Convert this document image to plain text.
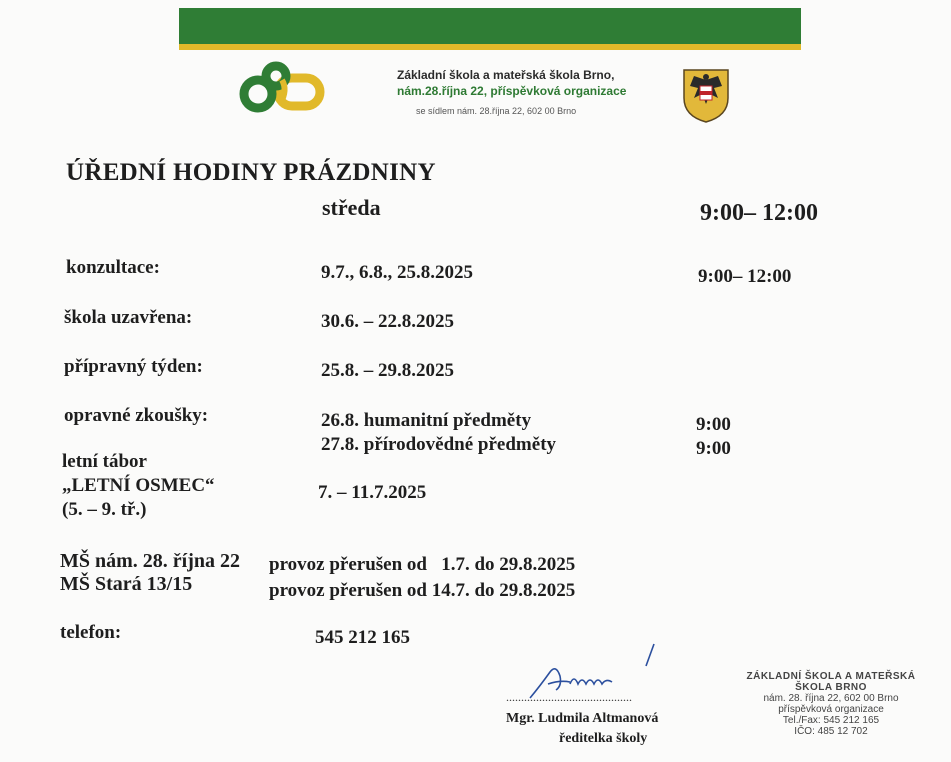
Základní škola a mateřská škola Brno,
nám.28.října 22, příspěvková organizace
se sídlem nám. 28.října 22, 602 00 Brno
ÚŘEDNÍ HODINY PRÁZDNINY
středa	9:00– 12:00
konzultace:	9.7., 6.8., 25.8.2025	9:00– 12:00
škola uzavřena:	30.6. – 22.8.2025
přípravný týden:	25.8. – 29.8.2025
opravné zkoušky:	26.8. humanitní předměty	9:00
27.8. přírodovědné předměty	9:00
letní tábor
„LETNÍ OSMEC“
(5. – 9. tř.)
7. – 11.7.2025
MŠ nám. 28. října 22 provoz přerušen od   1.7. do 29.8.2025
MŠ Stará 13/15	provoz přerušen od 14.7. do 29.8.2025
telefon:	545 212 165
..........................................
Mgr. Ludmila Altmanová
ředitelka školy
ZÁKLADNÍ ŠKOLA A MATEŘSKÁ ŠKOLA BRNO
nám. 28. října 22, 602 00 Brno
příspěvková organizace
Tel./Fax: 545 212 165
IČO: 485 12 702
